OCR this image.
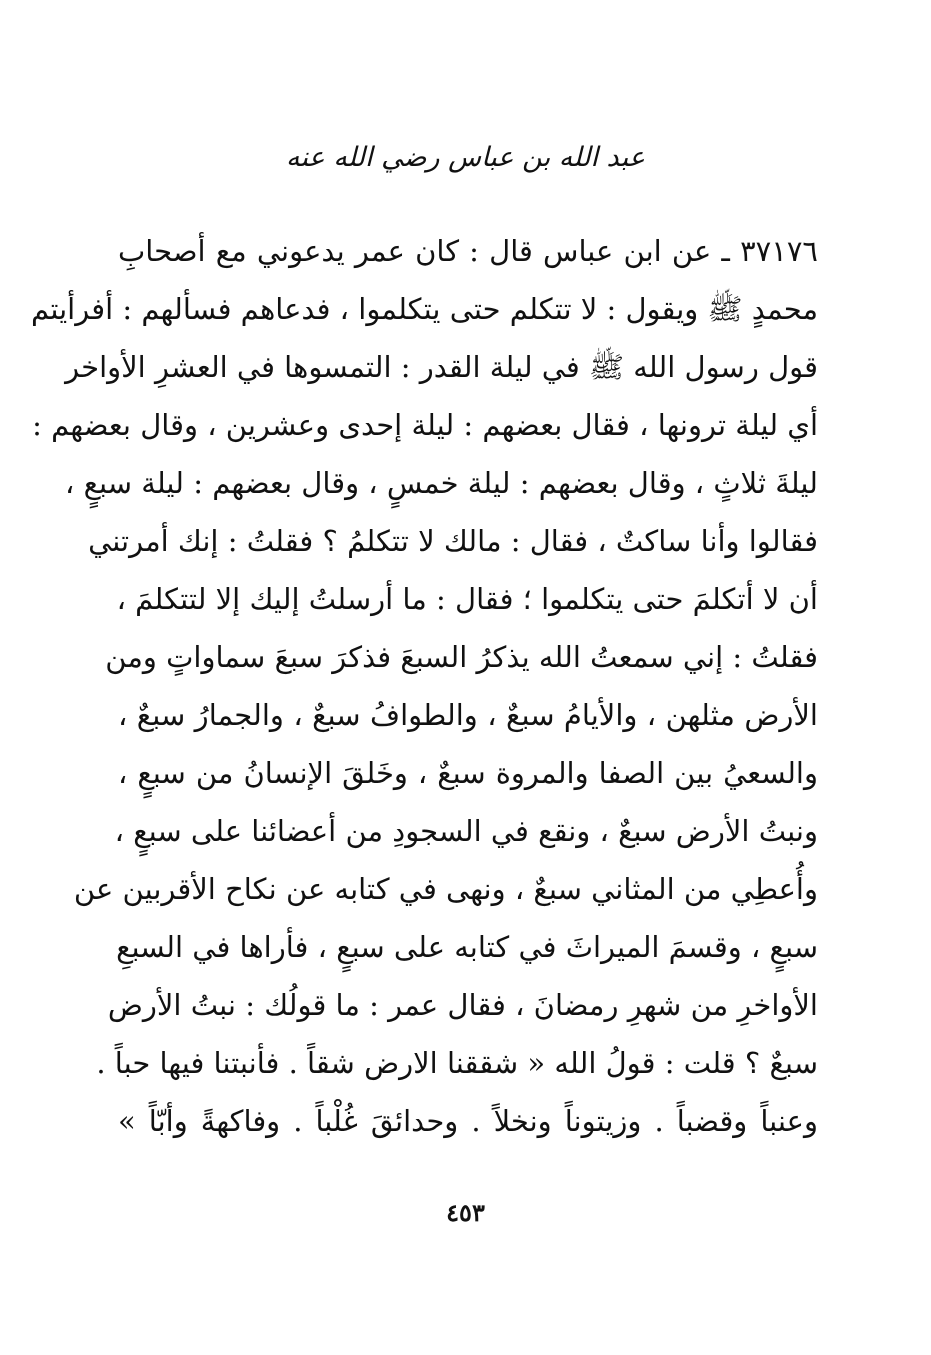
عبد الله بن عباس رضي الله عنه
٣٧١٧٦ ـ عن ابن عباس قال : كان عمر يدعوني مع أصحابِ
محمدٍ ﷺ ويقول : لا تتكلم حتى يتكلموا ، فدعاهم فسألهم : أفرأيتم
قول رسول الله ﷺ في ليلة القدر : التمسوها في العشرِ الأواخر
أي ليلة ترونها ، فقال بعضهم : ليلة إحدى وعشرين ، وقال بعضهم :
ليلةَ ثلاثٍ ، وقال بعضهم : ليلة خمسٍ ، وقال بعضهم : ليلة سبعٍ ،
فقالوا وأنا ساكتٌ ، فقال : مالك لا تتكلمُ ؟ فقلتُ : إنك أمرتني
أن لا أتكلمَ حتى يتكلموا ؛ فقال : ما أرسلتُ إليك إلا لتتكلمَ ،
فقلتُ : إني سمعتُ الله يذكرُ السبعَ فذكرَ سبعَ سماواتٍ ومن
الأرض مثلهن ، والأيامُ سبعٌ ، والطوافُ سبعٌ ، والجمارُ سبعٌ ،
والسعيُ بين الصفا والمروة سبعٌ ، وخَلقَ الإنسانُ من سبعٍ ،
ونبتُ الأرض سبعٌ ، ونقع في السجودِ من أعضائنا على سبعٍ ،
وأُعطِي من المثاني سبعٌ ، ونهى في كتابه عن نكاح الأقربين عن
سبعٍ ، وقسمَ الميراثَ في كتابه على سبعٍ ، فأراها في السبعِ
الأواخرِ من شهرِ رمضانَ ، فقال عمر : ما قولُك : نبتُ الأرض
سبعٌ ؟ قلت : قولُ الله « شققنا الارض شقاً . فأنبتنا فيها حباً .
وعنباً وقضباً . وزيتوناً ونخلاً . وحدائقَ غُلْباً . وفاكهةً وأبّاً »
٤٥٣
